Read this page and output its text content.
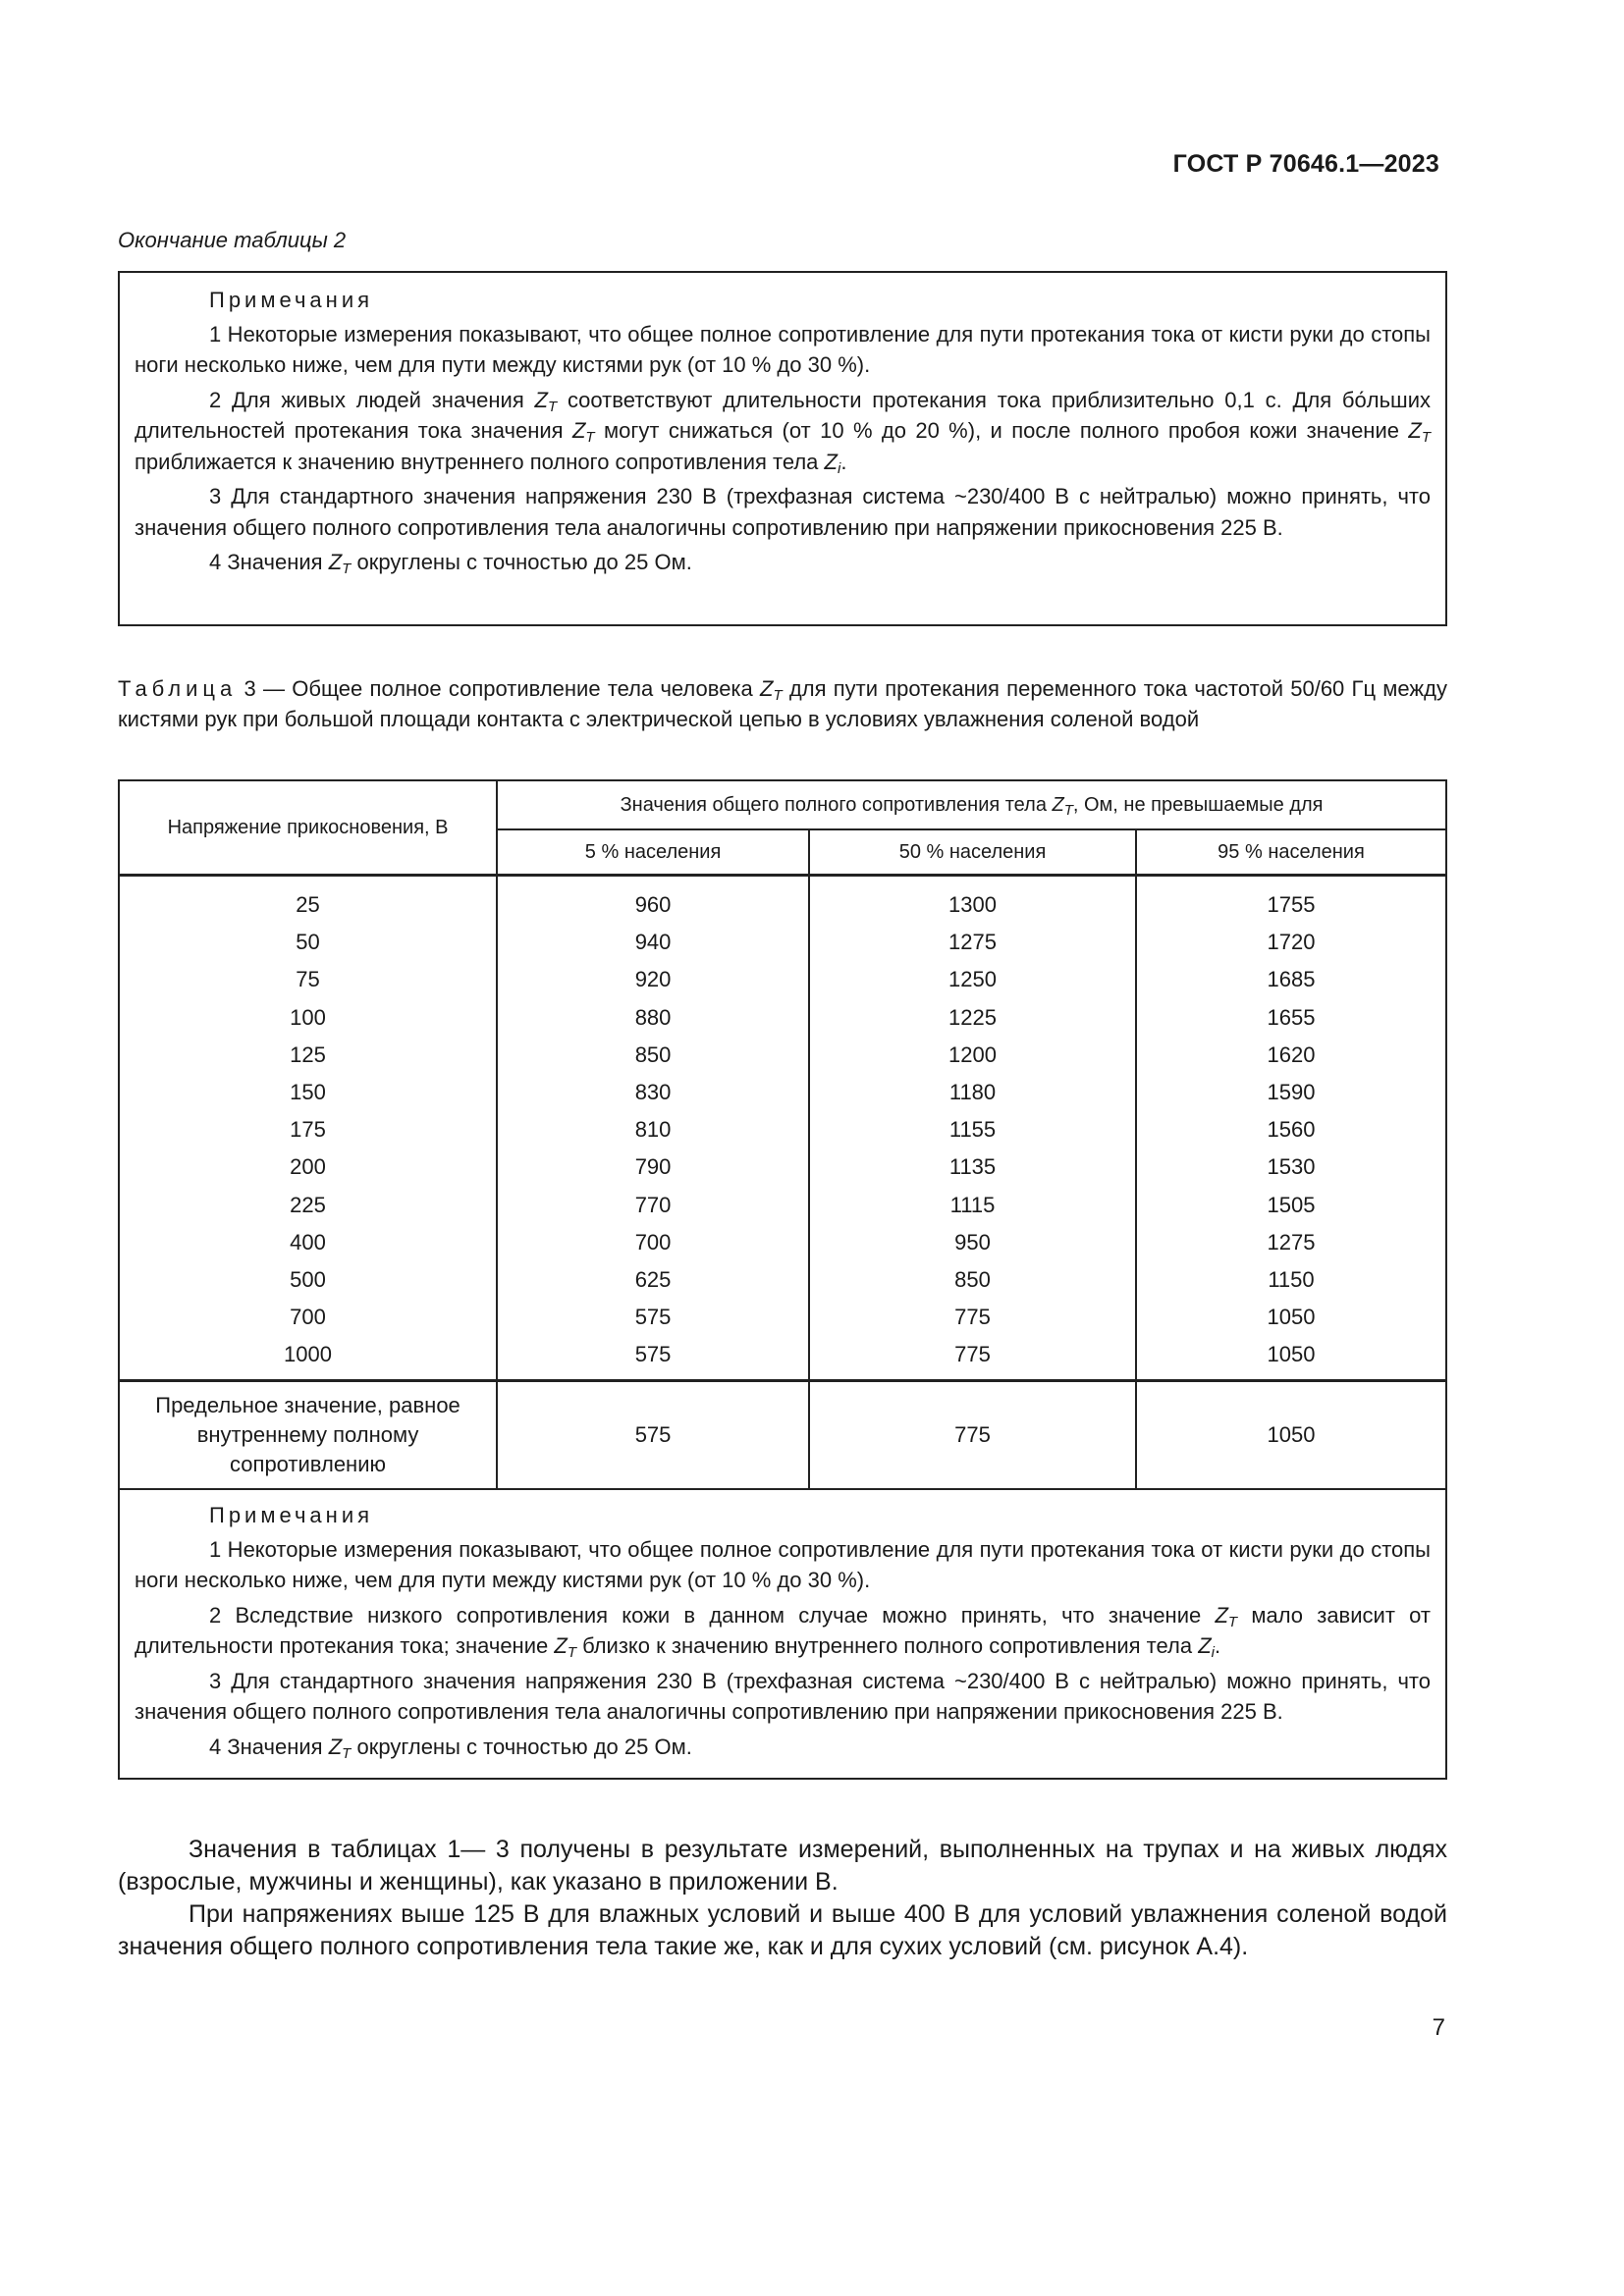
ГОСТ Р 70646.1—2023
Окончание таблицы 2
Примечания
1 Некоторые измерения показывают, что общее полное сопротивление для пути протекания тока от кисти руки до стопы ноги несколько ниже, чем для пути между кистями рук (от 10 % до 30 %).
2 Для живых людей значения $Z_T$ соответствуют длительности протекания тока приблизительно 0,1 с. Для бо́льших длительностей протекания тока значения $Z_T$ могут снижаться (от 10 % до 20 %), и после полного пробоя кожи значение $Z_T$ приближается к значению внутреннего полного сопротивления тела $Z_i$.
3 Для стандартного значения напряжения 230 В (трехфазная система ~230/400 В с нейтралью) можно принять, что значения общего полного сопротивления тела аналогичны сопротивлению при напряжении прикосновения 225 В.
4 Значения $Z_T$ округлены с точностью до 25 Ом.
Таблица 3 — Общее полное сопротивление тела человека $Z_T$ для пути протекания переменного тока частотой 50/60 Гц между кистями рук при большой площади контакта с электрической цепью в условиях увлажнения соленой водой
Напряжение прикосновения, В	Значения общего полного сопротивления тела $Z_T$, Ом, не превышаемые для		
	5 % населения	50 % населения	95 % населения
25	960	1300	1755
50	940	1275	1720
75	920	1250	1685
100	880	1225	1655
125	850	1200	1620
150	830	1180	1590
175	810	1155	1560
200	790	1135	1530
225	770	1115	1505
400	700	950	1275
500	625	850	1150
700	575	775	1050
1000	575	775	1050
Предельное значение, равное внутреннему полному сопротивлению	575	775	1050

Примечания
1 Некоторые измерения показывают, что общее полное сопротивление для пути протекания тока от кисти руки до стопы ноги несколько ниже, чем для пути между кистями рук (от 10 % до 30 %).
2 Вследствие низкого сопротивления кожи в данном случае можно принять, что значение $Z_T$ мало зависит от длительности протекания тока; значение $Z_T$ близко к значению внутреннего полного сопротивления тела $Z_i$.
3 Для стандартного значения напряжения 230 В (трехфазная система ~230/400 В с нейтралью) можно принять, что значения общего полного сопротивления тела аналогичны сопротивлению при напряжении прикосновения 225 В.
4 Значения $Z_T$ округлены с точностью до 25 Ом.			
Значения в таблицах 1— 3 получены в результате измерений, выполненных на трупах и на живых людях (взрослые, мужчины и женщины), как указано в приложении В.
При напряжениях выше 125 В для влажных условий и выше 400 В для условий увлажнения соленой водой значения общего полного сопротивления тела такие же, как и для сухих условий (см. рисунок А.4).
7
